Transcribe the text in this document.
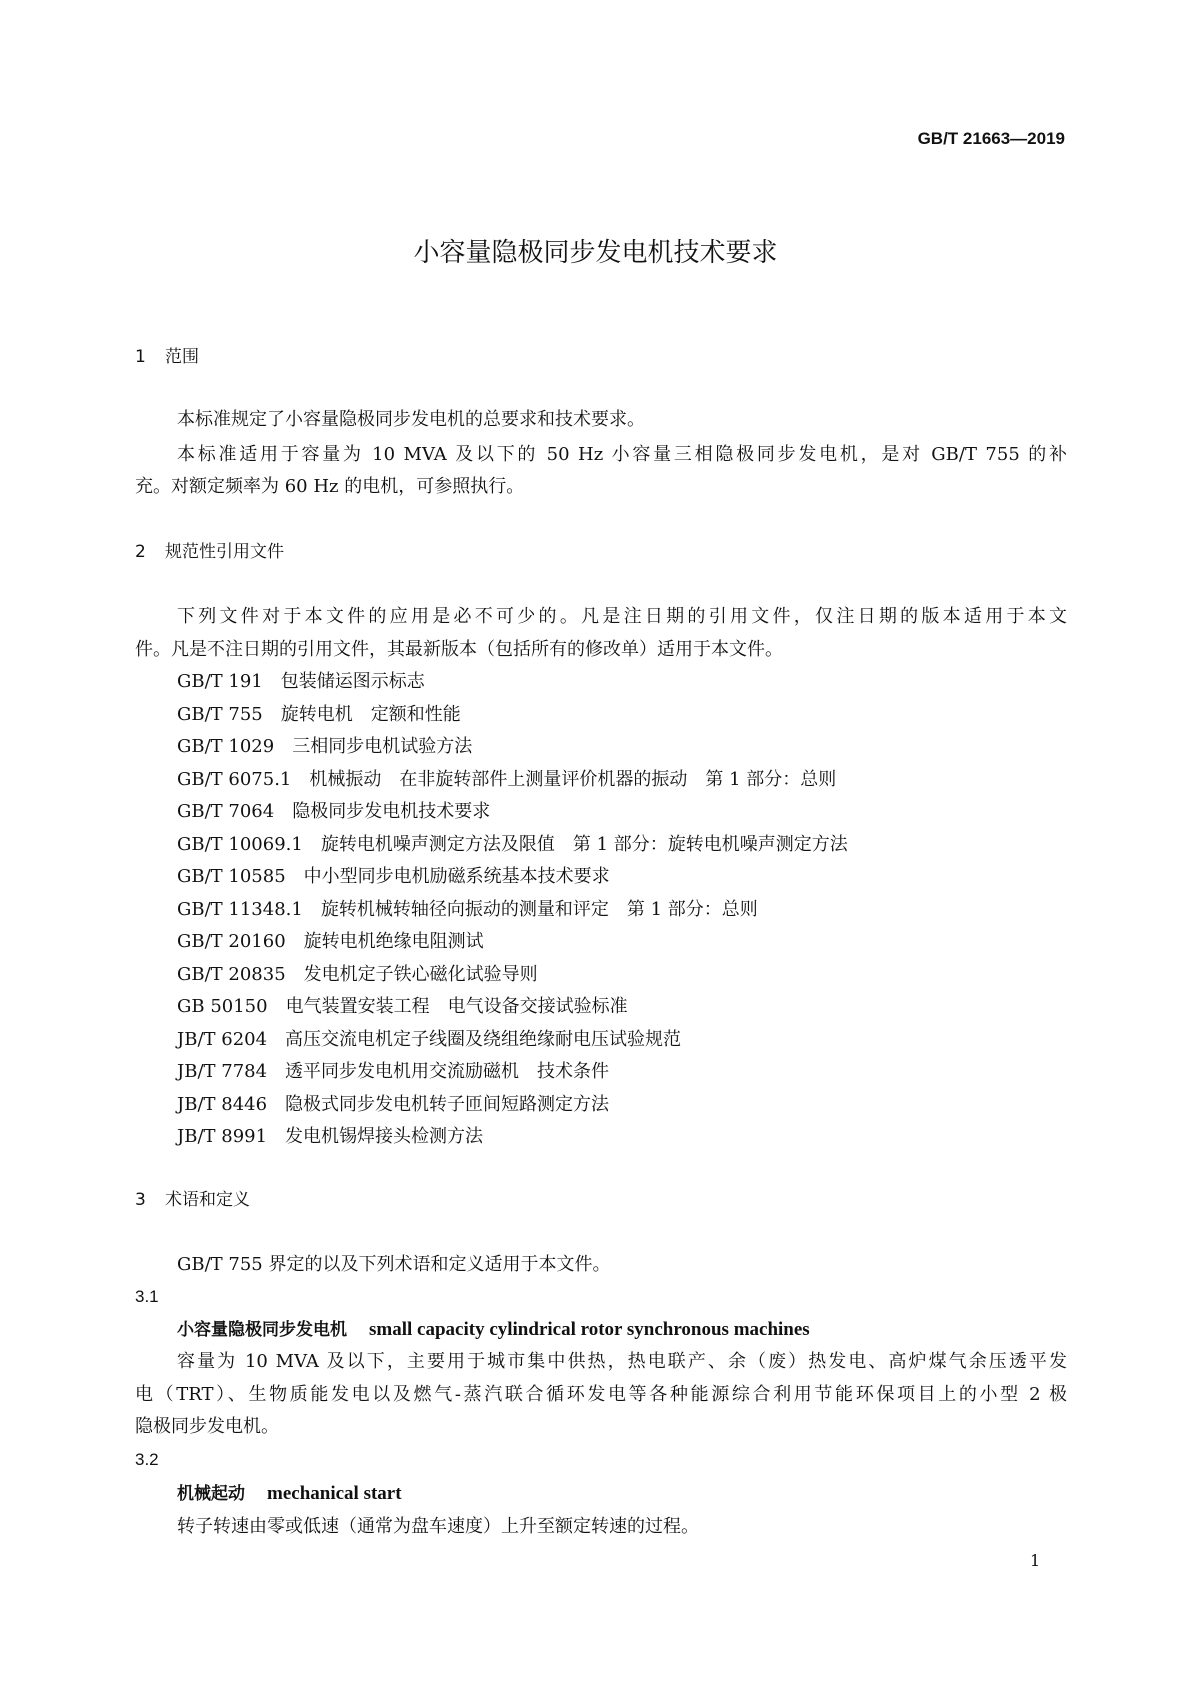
GB/T 21663—2019
小容量隐极同步发电机技术要求
1 范围
本标准规定了小容量隐极同步发电机的总要求和技术要求。
本标准适用于容量为 10 MVA 及以下的 50 Hz 小容量三相隐极同步发电机，是对 GB/T 755 的补
充。对额定频率为 60 Hz 的电机，可参照执行。
2 规范性引用文件
下列文件对于本文件的应用是必不可少的。凡是注日期的引用文件，仅注日期的版本适用于本文
件。凡是不注日期的引用文件，其最新版本（包括所有的修改单）适用于本文件。
GB/T 191 包装储运图示标志
GB/T 755 旋转电机　定额和性能
GB/T 1029 三相同步电机试验方法
GB/T 6075.1 机械振动　在非旋转部件上测量评价机器的振动　第 1 部分：总则
GB/T 7064 隐极同步发电机技术要求
GB/T 10069.1 旋转电机噪声测定方法及限值　第 1 部分：旋转电机噪声测定方法
GB/T 10585 中小型同步电机励磁系统基本技术要求
GB/T 11348.1 旋转机械转轴径向振动的测量和评定　第 1 部分：总则
GB/T 20160 旋转电机绝缘电阻测试
GB/T 20835 发电机定子铁心磁化试验导则
GB 50150 电气装置安装工程　电气设备交接试验标准
JB/T 6204 高压交流电机定子线圈及绕组绝缘耐电压试验规范
JB/T 7784 透平同步发电机用交流励磁机　技术条件
JB/T 8446 隐极式同步发电机转子匝间短路测定方法
JB/T 8991 发电机锡焊接头检测方法
3 术语和定义
GB/T 755 界定的以及下列术语和定义适用于本文件。
3.1
小容量隐极同步发电机 small capacity cylindrical rotor synchronous machines
容量为 10 MVA 及以下，主要用于城市集中供热，热电联产、余（废）热发电、高炉煤气余压透平发
电（TRT）、生物质能发电以及燃气-蒸汽联合循环发电等各种能源综合利用节能环保项目上的小型 2 极
隐极同步发电机。
3.2
机械起动 mechanical start
转子转速由零或低速（通常为盘车速度）上升至额定转速的过程。
1
